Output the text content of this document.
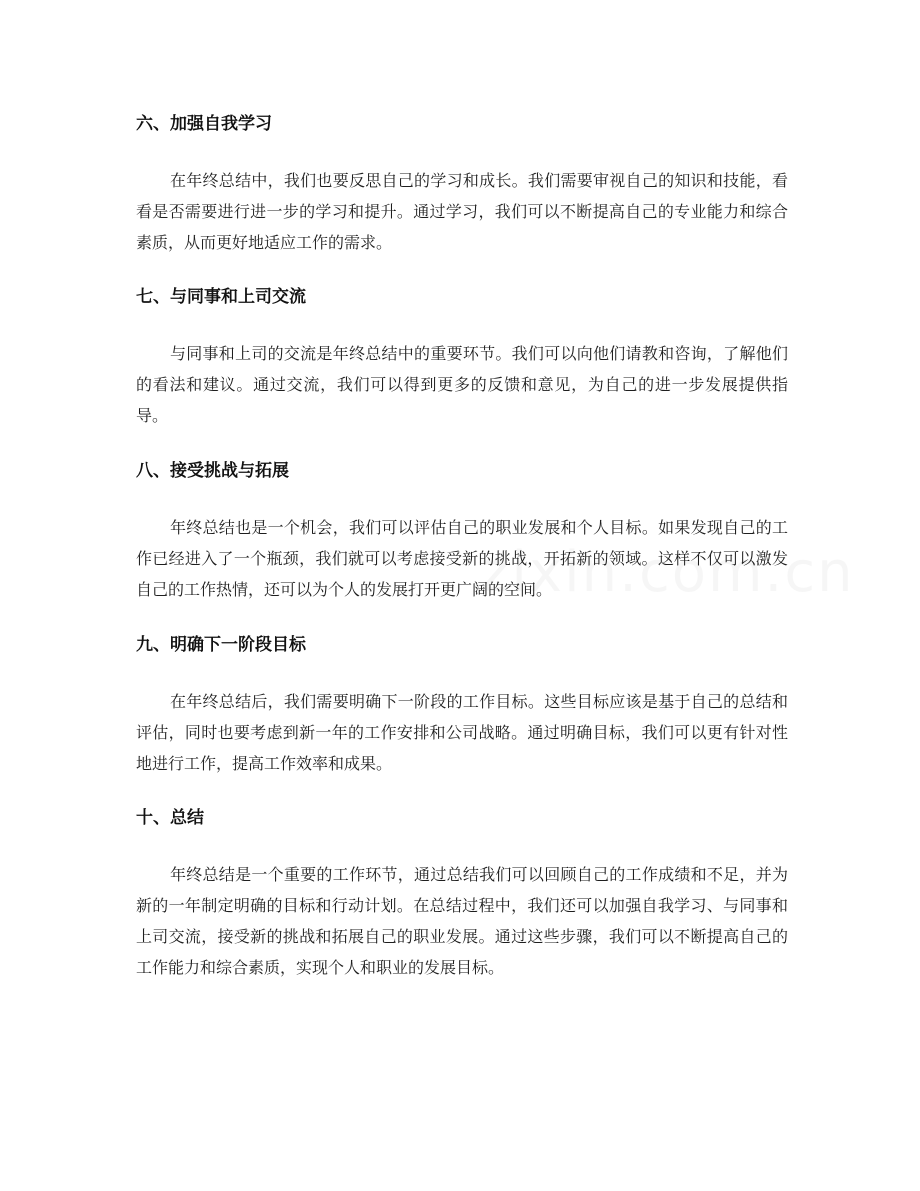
六、加强自我学习

在年终总结中，我们也要反思自己的学习和成长。我们需要审视自己的知识和技能，看看是否需要进行进一步的学习和提升。通过学习，我们可以不断提高自己的专业能力和综合素质，从而更好地适应工作的需求。

七、与同事和上司交流

与同事和上司的交流是年终总结中的重要环节。我们可以向他们请教和咨询，了解他们的看法和建议。通过交流，我们可以得到更多的反馈和意见，为自己的进一步发展提供指导。

八、接受挑战与拓展

年终总结也是一个机会，我们可以评估自己的职业发展和个人目标。如果发现自己的工作已经进入了一个瓶颈，我们就可以考虑接受新的挑战，开拓新的领域。这样不仅可以激发自己的工作热情，还可以为个人的发展打开更广阔的空间。

九、明确下一阶段目标

在年终总结后，我们需要明确下一阶段的工作目标。这些目标应该是基于自己的总结和评估，同时也要考虑到新一年的工作安排和公司战略。通过明确目标，我们可以更有针对性地进行工作，提高工作效率和成果。

十、总结

年终总结是一个重要的工作环节，通过总结我们可以回顾自己的工作成绩和不足，并为新的一年制定明确的目标和行动计划。在总结过程中，我们还可以加强自我学习、与同事和上司交流，接受新的挑战和拓展自己的职业发展。通过这些步骤，我们可以不断提高自己的工作能力和综合素质，实现个人和职业的发展目标。
